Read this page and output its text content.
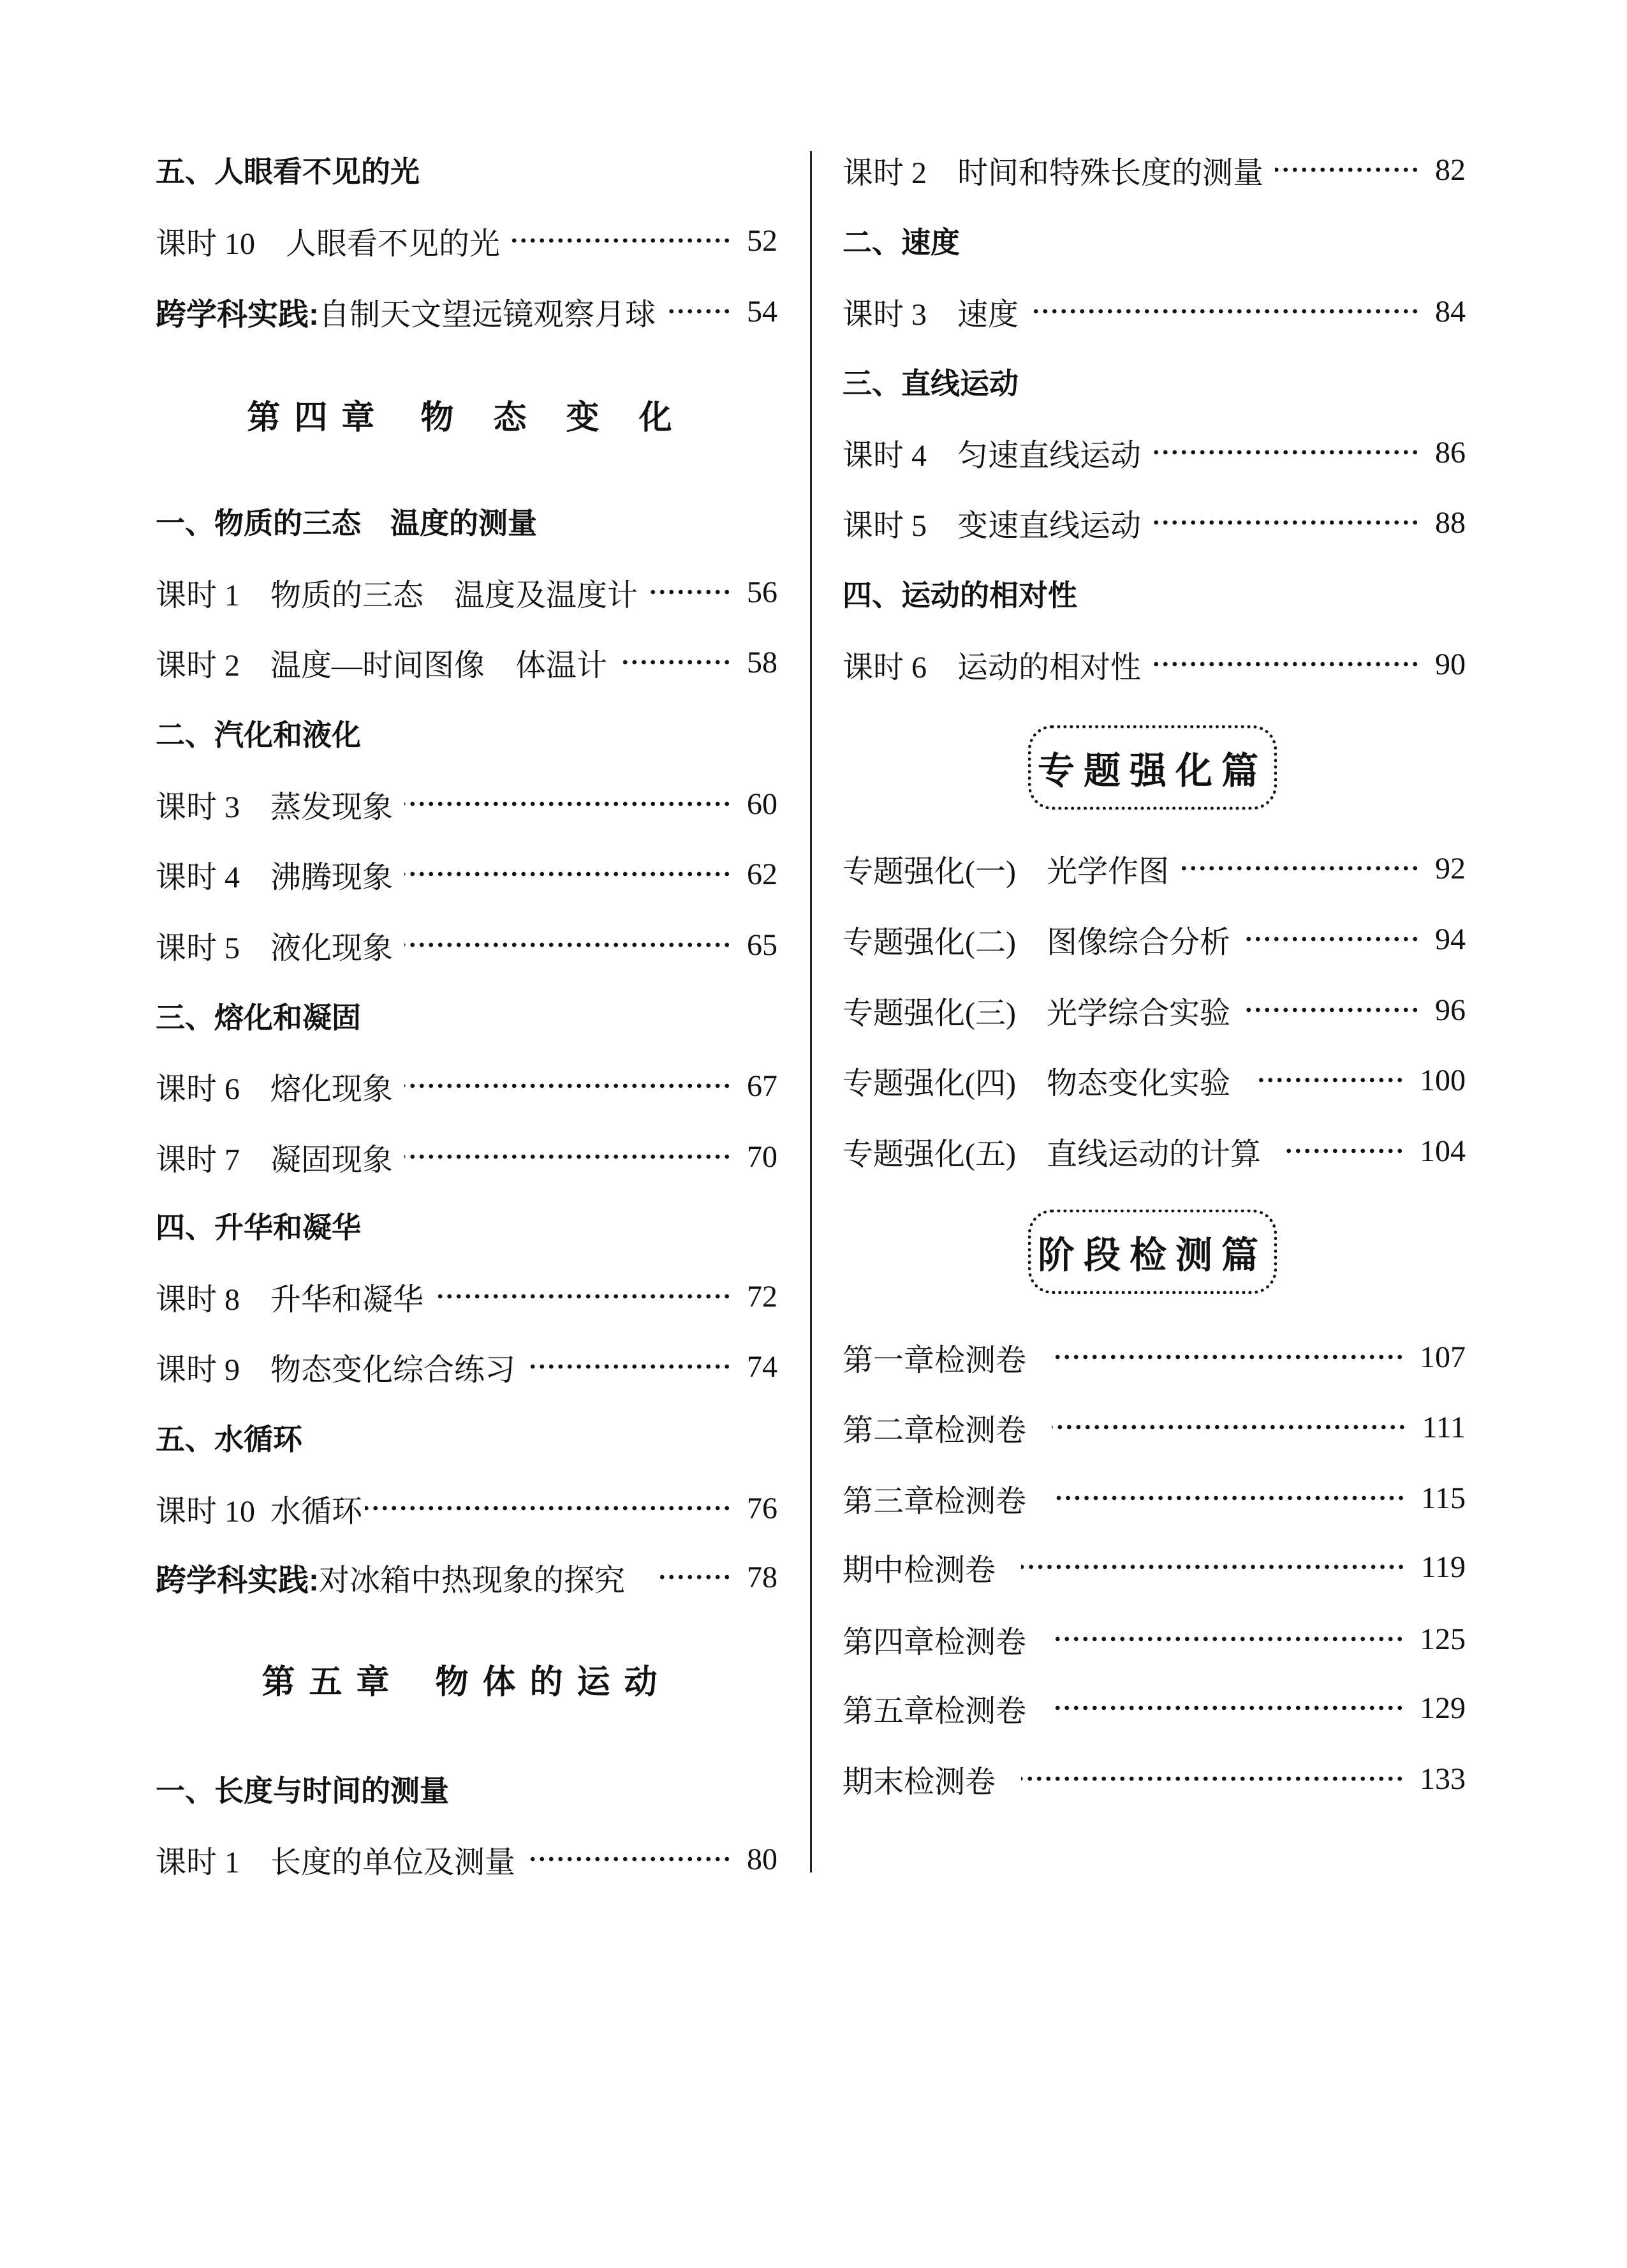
五、人眼看不见的光
课时 10 人眼看不见的光	52
跨学科实践: 自制天文望远镜观察月球	54
第四章 物 态 变 化
一、物质的三态　温度的测量
课时 1 物质的三态　温度及温度计	56
课时 2 温度—时间图像　体温计	58
二、汽化和液化
课时 3 蒸发现象	60
课时 4 沸腾现象	62
课时 5 液化现象	65
三、熔化和凝固
课时 6 熔化现象	67
课时 7 凝固现象	70
四、升华和凝华
课时 8 升华和凝华	72
课时 9 物态变化综合练习	74
五、水循环
课时 10 水循环	76
跨学科实践: 对冰箱中热现象的探究	78
第五章 物体的运动
一、长度与时间的测量
课时 1 长度的单位及测量	80
课时 2 时间和特殊长度的测量	82
二、速度
课时 3 速度	84
三、直线运动
课时 4 匀速直线运动	86
课时 5 变速直线运动	88
四、运动的相对性
课时 6 运动的相对性	90
专题强化篇
专题强化(一) 光学作图	92
专题强化(二) 图像综合分析	94
专题强化(三) 光学综合实验	96
专题强化(四) 物态变化实验	100
专题强化(五) 直线运动的计算	104
阶段检测篇
第一章检测卷	107
第二章检测卷	111
第三章检测卷	115
期中检测卷	119
第四章检测卷	125
第五章检测卷	129
期末检测卷	133
